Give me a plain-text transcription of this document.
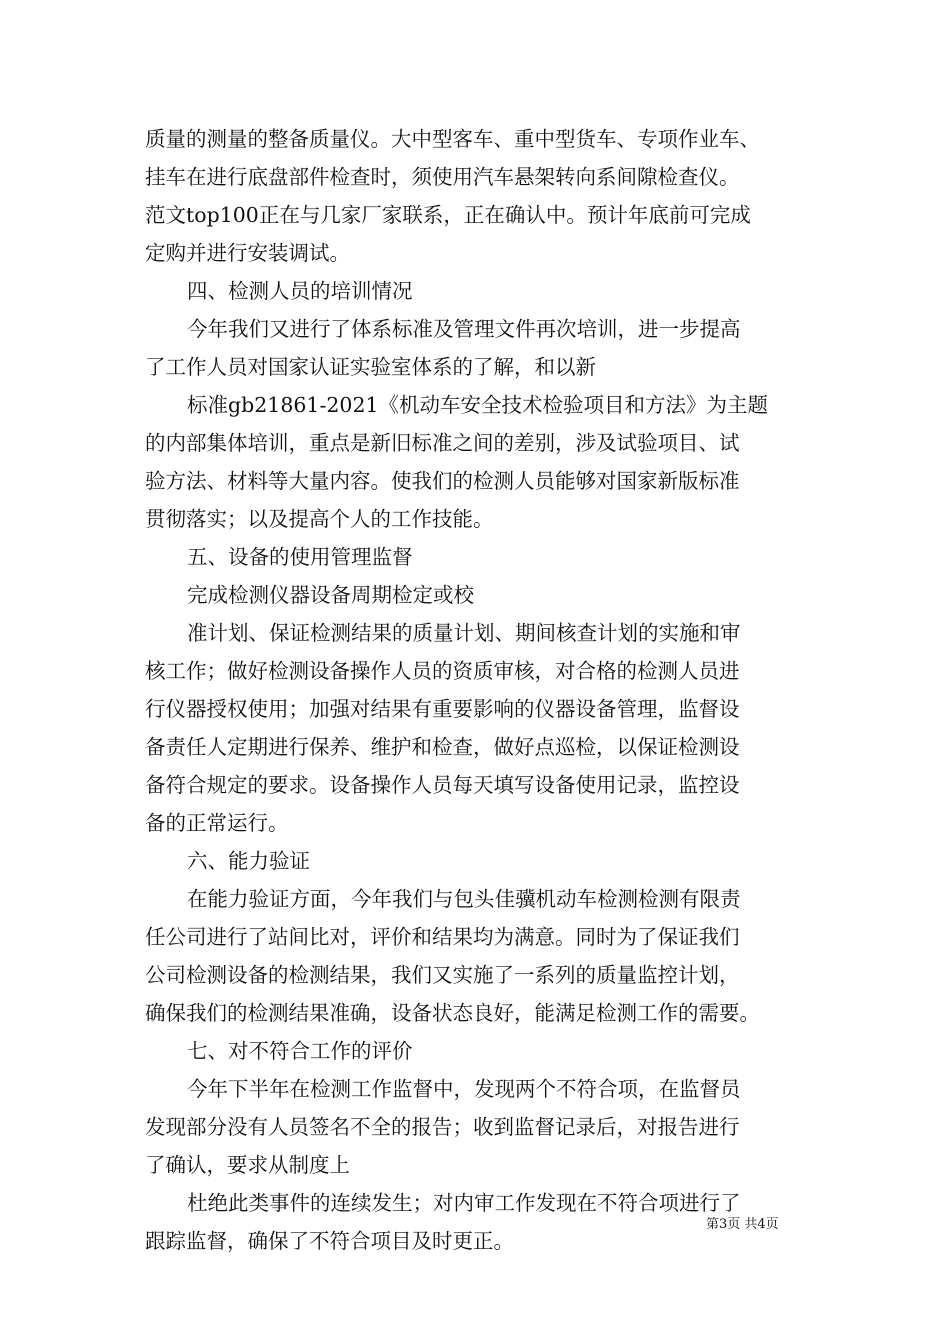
质量的测量的整备质量仪。大中型客车、重中型货车、专项作业车、
挂车在进行底盘部件检查时，须使用汽车悬架转向系间隙检查仪。
范文top100正在与几家厂家联系，正在确认中。预计年底前可完成
定购并进行安装调试。
四、检测人员的培训情况
今年我们又进行了体系标准及管理文件再次培训，进一步提高
了工作人员对国家认证实验室体系的了解，和以新
标准gb21861-2021《机动车安全技术检验项目和方法》为主题
的内部集体培训，重点是新旧标准之间的差别，涉及试验项目、试
验方法、材料等大量内容。使我们的检测人员能够对国家新版标准
贯彻落实；以及提高个人的工作技能。
五、设备的使用管理监督
完成检测仪器设备周期检定或校
准计划、保证检测结果的质量计划、期间核查计划的实施和审
核工作；做好检测设备操作人员的资质审核，对合格的检测人员进
行仪器授权使用；加强对结果有重要影响的仪器设备管理，监督设
备责任人定期进行保养、维护和检查，做好点巡检，以保证检测设
备符合规定的要求。设备操作人员每天填写设备使用记录，监控设
备的正常运行。
六、能力验证
在能力验证方面，今年我们与包头佳骥机动车检测检测有限责
任公司进行了站间比对，评价和结果均为满意。同时为了保证我们
公司检测设备的检测结果，我们又实施了一系列的质量监控计划，
确保我们的检测结果准确，设备状态良好，能满足检测工作的需要。
七、对不符合工作的评价
今年下半年在检测工作监督中，发现两个不符合项，在监督员
发现部分没有人员签名不全的报告；收到监督记录后，对报告进行
了确认，要求从制度上
杜绝此类事件的连续发生；对内审工作发现在不符合项进行了
跟踪监督，确保了不符合项目及时更正。
第3页 共4页
